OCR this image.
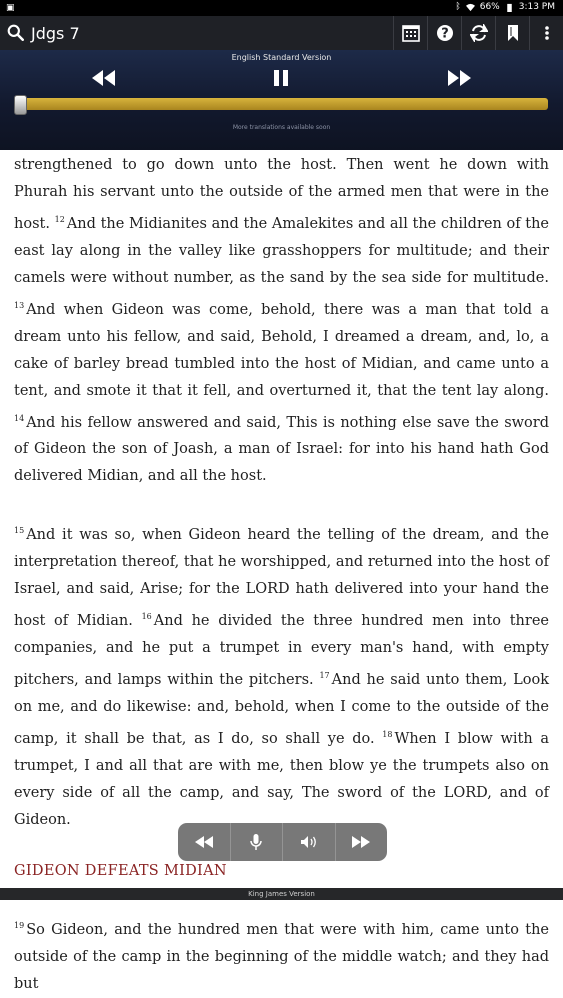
▣	ᛒ 66% 3:13 PM
Jdgs 7	?
English Standard Version
More translations available soon

strengthened to go down unto the host. Then went he down with Phurah his servant unto the outside of the armed men that were in the host. $^{12}$ And the Midianites and the Amalekites and all the children of the east lay along in the valley like grasshoppers for multitude; and their camels were without number, as the sand by the sea side for multitude. $^{13}$ And when Gideon was come, behold, there was a man that told a dream unto his fellow, and said, Behold, I dreamed a dream, and, lo, a cake of barley bread tumbled into the host of Midian, and came unto a tent, and smote it that it fell, and overturned it, that the tent lay along. $^{14}$ And his fellow answered and said, This is nothing else save the sword of Gideon the son of Joash, a man of Israel: for into his hand hath God delivered Midian, and all the host.

$^{15}$ And it was so, when Gideon heard the telling of the dream, and the interpretation thereof, that he worshipped, and returned into the host of Israel, and said, Arise; for the LORD hath delivered into your hand the host of Midian. $^{16}$ And he divided the three hundred men into three companies, and he put a trumpet in every man's hand, with empty pitchers, and lamps within the pitchers. $^{17}$ And he said unto them, Look on me, and do likewise: and, behold, when I come to the outside of the camp, it shall be that, as I do, so shall ye do. $^{18}$ When I blow with a trumpet, I and all that are with me, then blow ye the trumpets also on every side of all the camp, and say, The sword of the LORD, and of Gideon.

GIDEON DEFEATS MIDIAN

$^{19}$ So Gideon, and the hundred men that were with him, came unto the outside of the camp in the beginning of the middle watch; and they had but

King James Version
